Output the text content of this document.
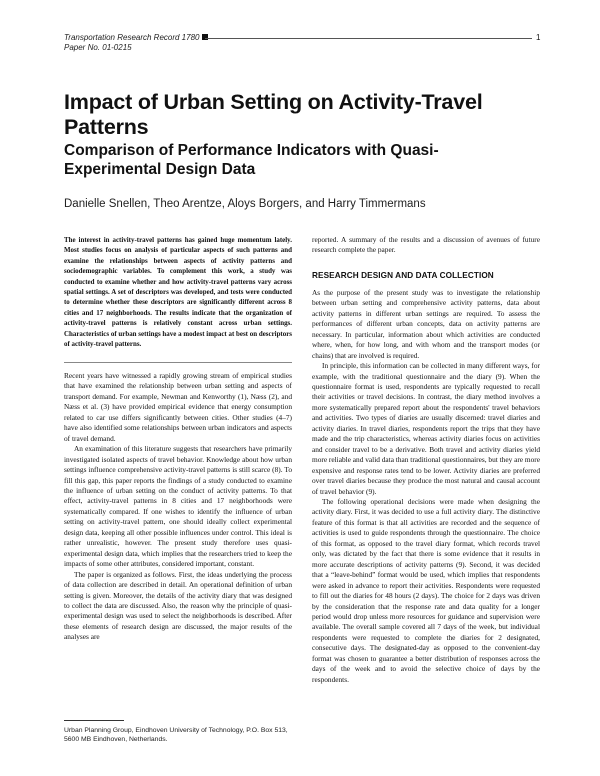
Transportation Research Record 1780
Paper No. 01-0215
1
Impact of Urban Setting on Activity-Travel Patterns
Comparison of Performance Indicators with Quasi-Experimental Design Data
Danielle Snellen, Theo Arentze, Aloys Borgers, and Harry Timmermans

The interest in activity-travel patterns has gained huge momentum lately. Most studies focus on analysis of particular aspects of such patterns and examine the relationships between aspects of activity patterns and sociodemographic variables. To complement this work, a study was conducted to examine whether and how activity-travel patterns vary across spatial settings. A set of descriptors was developed, and tests were conducted to determine whether these descriptors are significantly different across 8 cities and 17 neighborhoods. The results indicate that the organization of activity-travel patterns is relatively constant across urban settings. Characteristics of urban settings have a modest impact at best on descriptors of activity-travel patterns.

Recent years have witnessed a rapidly growing stream of empirical studies that have examined the relationship between urban setting and aspects of transport demand. For example, Newman and Kenworthy (1), Næss (2), and Næss et al. (3) have provided empirical evidence that energy consumption related to car use differs significantly between cities. Other studies (4–7) have also identified some relationships between urban indicators and aspects of travel demand.

An examination of this literature suggests that researchers have primarily investigated isolated aspects of travel behavior. Knowledge about how urban settings influence comprehensive activity-travel patterns is still scarce (8). To fill this gap, this paper reports the findings of a study conducted to examine the influence of urban setting on the conduct of activity patterns. To that effect, activity-travel patterns in 8 cities and 17 neighborhoods were systematically compared. If one wishes to identify the influence of urban setting on activity-travel pattern, one should ideally collect experimental design data, keeping all other possible influences under control. This ideal is rather unrealistic, however. The present study therefore uses quasi-experimental design data, which implies that the researchers tried to keep the impacts of some other attributes, considered important, constant.

The paper is organized as follows. First, the ideas underlying the process of data collection are described in detail. An operational definition of urban setting is given. Moreover, the details of the activity diary that was designed to collect the data are discussed. Also, the reason why the principle of quasi-experimental design was used to select the neighborhoods is described. After these elements of research design are discussed, the major results of the analyses are

reported. A summary of the results and a discussion of avenues of future research complete the paper.

RESEARCH DESIGN AND DATA COLLECTION

As the purpose of the present study was to investigate the relationship between urban setting and comprehensive activity patterns, data about activity patterns in different urban settings are required. To assess the performances of different urban concepts, data on activity patterns are necessary. In particular, information about which activities are conducted where, when, for how long, and with whom and the transport modes (or chains) that are involved is required.

In principle, this information can be collected in many different ways, for example, with the traditional questionnaire and the diary (9). When the questionnaire format is used, respondents are typically requested to recall their activities or travel decisions. In contrast, the diary method involves a more systematically prepared report about the respondents' travel behaviors and activities. Two types of diaries are usually discerned: travel diaries and activity diaries. In travel diaries, respondents report the trips that they have made and the trip characteristics, whereas activity diaries focus on activities and consider travel to be a derivative. Both travel and activity diaries yield more reliable and valid data than traditional questionnaires, but they are more expensive and response rates tend to be lower. Activity diaries are preferred over travel diaries because they produce the most natural and causal account of travel behavior (9).

The following operational decisions were made when designing the activity diary. First, it was decided to use a full activity diary. The distinctive feature of this format is that all activities are recorded and the sequence of activities is used to guide respondents through the questionnaire. The choice of this format, as opposed to the travel diary format, which records travel only, was dictated by the fact that there is some evidence that it results in more accurate descriptions of activity patterns (9). Second, it was decided that a “leave-behind” format would be used, which implies that respondents were asked in advance to report their activities. Respondents were requested to fill out the diaries for 48 hours (2 days). The choice for 2 days was driven by the consideration that the response rate and data quality for a longer period would drop unless more resources for guidance and supervision were available. The overall sample covered all 7 days of the week, but individual respondents were requested to complete the diaries for 2 designated, consecutive days. The designated-day as opposed to the convenient-day format was chosen to guarantee a better distribution of responses across the days of the week and to avoid the selective choice of days by the respondents.

Urban Planning Group, Eindhoven University of Technology, P.O. Box 513, 5600 MB Eindhoven, Netherlands.
